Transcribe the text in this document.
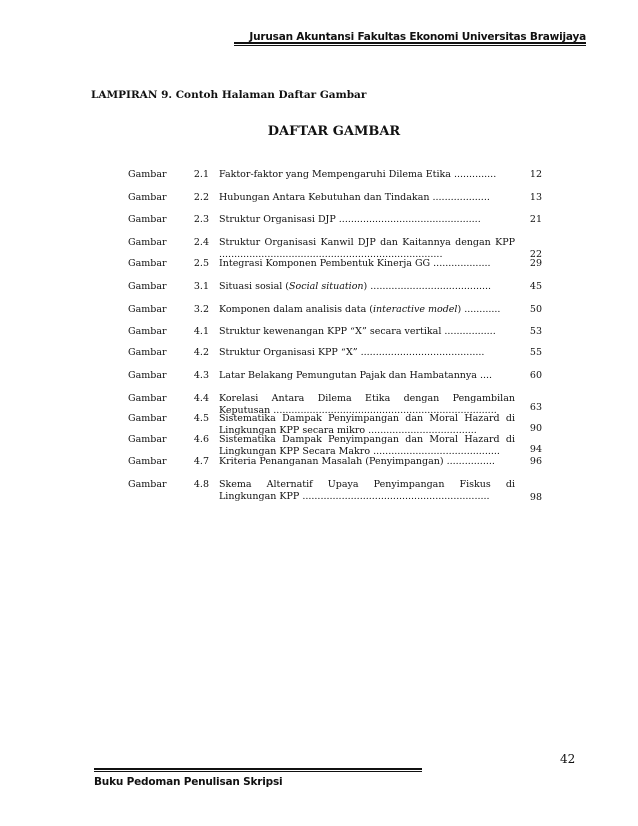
Jurusan Akuntansi Fakultas Ekonomi Universitas Brawijaya
LAMPIRAN 9. Contoh Halaman Daftar Gambar
DAFTAR GAMBAR
Gambar	2.1 Faktor-faktor yang Mempengaruhi Dilema Etika ..............	12
Gambar	2.2 Hubungan Antara Kebutuhan dan Tindakan ...................	13
Gambar	2.3 Struktur Organisasi DJP ...............................................	21
Gambar	2.4 Struktur Organisasi Kanwil DJP dan Kaitannya dengan KPP ..........................................................................	22
Gambar	2.5 Integrasi Komponen Pembentuk Kinerja GG ...................	29
Gambar	3.1 Situasi sosial (Social situation) ........................................	45
Gambar	3.2 Komponen dalam analisis data (interactive model) ............	50
Gambar	4.1 Struktur kewenangan KPP “X” secara vertikal .................	53
Gambar	4.2 Struktur Organisasi KPP “X” .........................................	55
Gambar	4.3 Latar Belakang Pemungutan Pajak dan Hambatannya ....	60
Gambar	4.4 Korelasi Antara Dilema Etika dengan Pengambilan Keputusan ..........................................................................	63
Gambar	4.5 Sistematika Dampak Penyimpangan dan Moral Hazard di Lingkungan KPP secara mikro ....................................	90
Gambar	4.6 Sistematika Dampak Penyimpangan dan Moral Hazard di Lingkungan KPP Secara Makro ..........................................	94
Gambar	4.7 Kriteria Penanganan Masalah (Penyimpangan) ................	96
Gambar	4.8 Skema Alternatif Upaya Penyimpangan Fiskus di Lingkungan KPP ..............................................................	98
42
Buku Pedoman Penulisan Skripsi
